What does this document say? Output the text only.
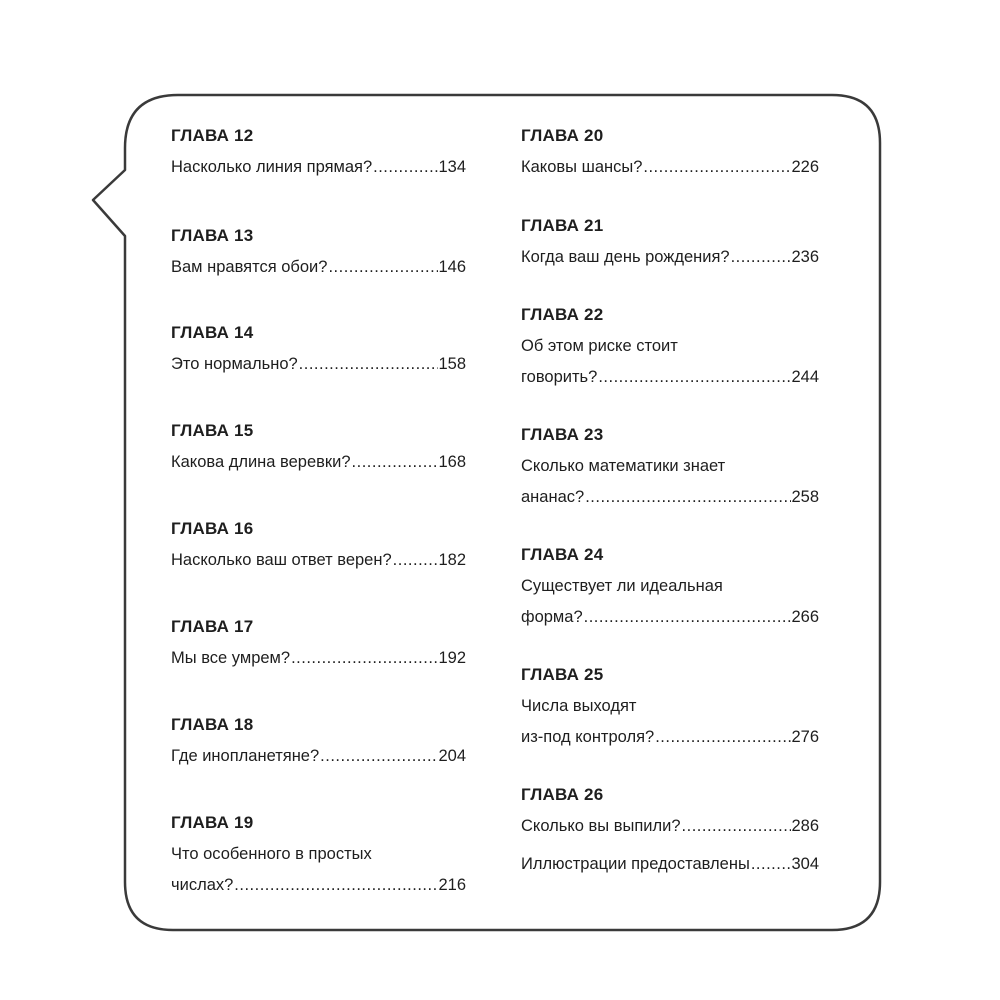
ГЛАВА 12
Насколько линия прямая? .....	134
ГЛАВА 13
Вам нравятся обои? .....	146
ГЛАВА 14
Это нормально? .....	158
ГЛАВА 15
Какова длина веревки? .....	168
ГЛАВА 16
Насколько ваш ответ верен? .....	182
ГЛАВА 17
Мы все умрем? .....	192
ГЛАВА 18
Где инопланетяне? .....	204
ГЛАВА 19
Что особенного в простых
числах? .....	216
ГЛАВА 20
Каковы шансы? .....	226
ГЛАВА 21
Когда ваш день рождения? .....	236
ГЛАВА 22
Об этом риске стоит
говорить? .....	244
ГЛАВА 23
Сколько математики знает
ананас? .....	258
ГЛАВА 24
Существует ли идеальная
форма? .....	266
ГЛАВА 25
Числа выходят
из-под контроля? .....	276
ГЛАВА 26
Сколько вы выпили? .....	286
Иллюстрации предоставлены .....	304
